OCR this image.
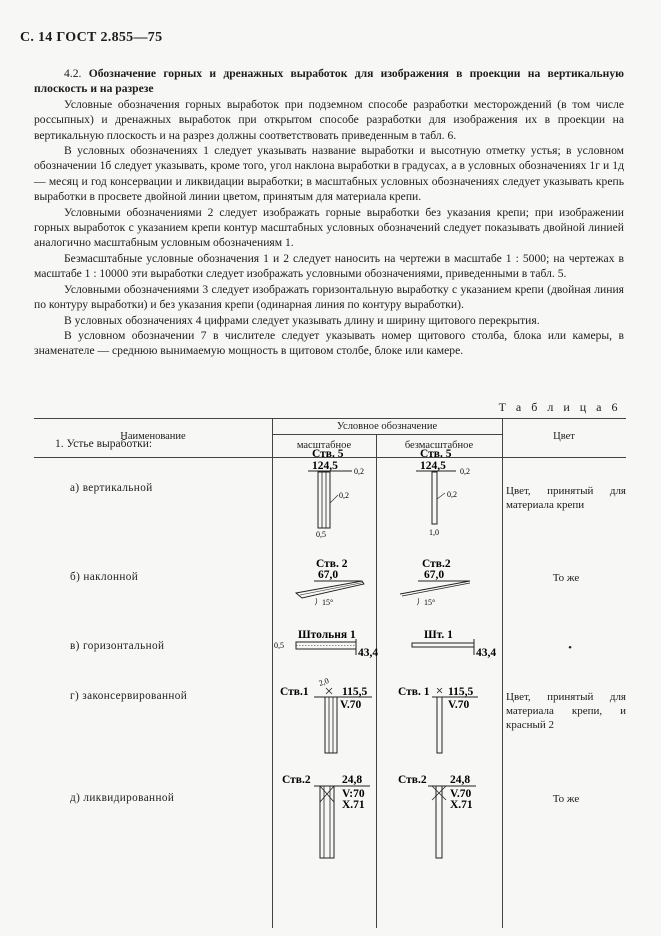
С. 14 ГОСТ 2.855—75

4.2. Обозначение горных и дренажных выработок для изображения в проекции на вертикальную плоскость и на разрезе

Условные обозначения горных выработок при подземном способе разработки месторождений (в том числе россыпных) и дренажных выработок при открытом способе разработки для изображения их в проекции на вертикальную плоскость и на разрез должны соответствовать приведенным в табл. 6.

В условных обозначениях 1 следует указывать название выработки и высотную отметку устья; в условном обозначении 1б следует указывать, кроме того, угол наклона выработки в градусах, а в условных обозначениях 1г и 1д — месяц и год консервации и ликвидации выработки; в масштабных условных обозначениях следует указывать крепь выработки в просвете двойной линии цветом, принятым для материала крепи.

Условными обозначениями 2 следует изображать горные выработки без указания крепи; при изображении горных выработок с указанием крепи контур масштабных условных обозначений следует показывать двойной линией аналогично масштабным условным обозначениям 1.

Безмасштабные условные обозначения 1 и 2 следует наносить на чертежи в масштабе 1 : 5000; на чертежах в масштабе 1 : 10000 эти выработки следует изображать условными обозначениями, приведенными в табл. 5.

Условными обозначениями 3 следует изображать горизонтальную выработку с указанием крепи (двойная линия по контуру выработки) и без указания крепи (одинарная линия по контуру выработки).

В условных обозначениях 4 цифрами следует указывать длину и ширину щитового перекрытия.

В условном обозначении 7 в числителе следует указывать номер щитового столба, блока или камеры, в знаменателе — среднюю вынимаемую мощность в щитовом столбе, блоке или камере.

Т а б л и ц а 6
Наименование
Условное обозначение
масштабное	безмасштабное
Цвет
1. Устье выработки:
а) вертикальной
б) наклонной
в) горизонтальной
г) законсервированной
д) ликвидированной
Цвет, принятый для материала крепи
То же
•
Цвет, принятый для материала крепи, и красный 2
То же
Ств. 5
124,5 0,2
0,2
0,5
Ств. 5
124,5 0,2
0,2
1,0
Ств. 2
67,0
15°
Ств.2
67,0
15°
Штольня 1
0,5
43,4
Шт. 1
43,4
Ств.1
2,0
115,5
V.70
Ств. 1 115,5
V.70
Ств.2	24,8
V:70
X.71
Ств.2 24,8
V.70
X.71
